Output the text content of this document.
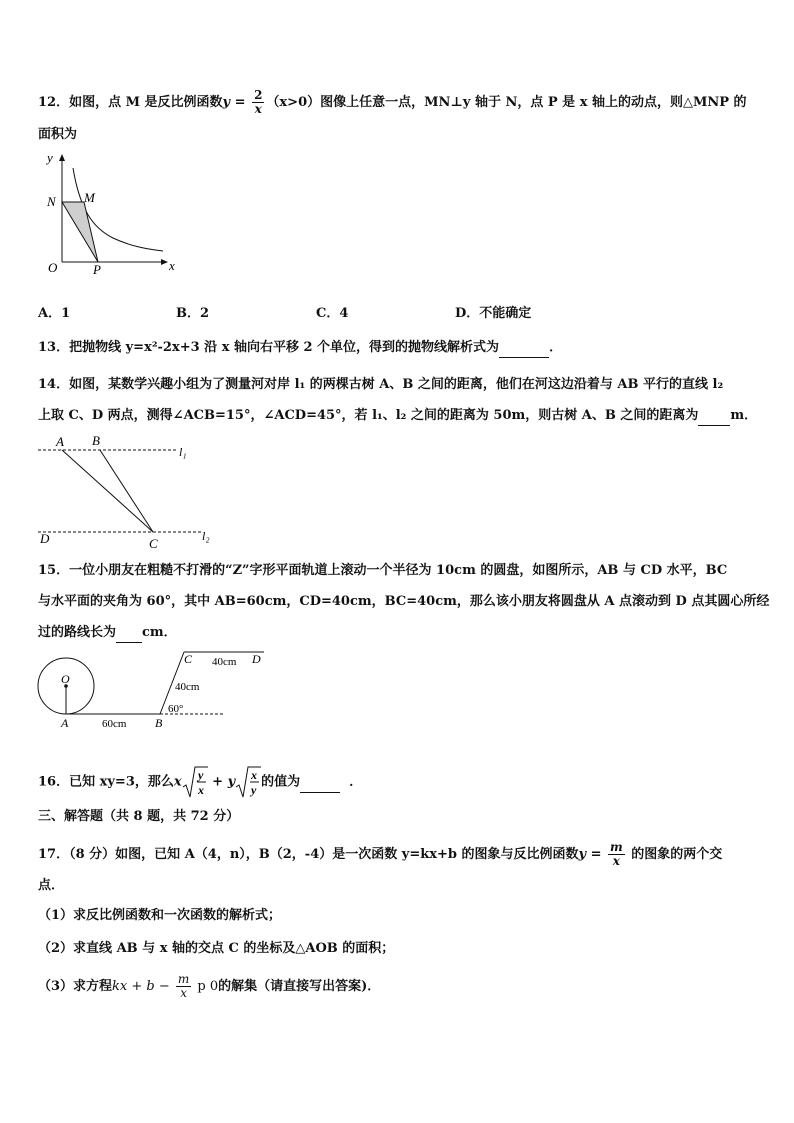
12．如图，点 M 是反比例函数$y = \frac{2}{x} (x>0)$图像上任意一点，MN⊥y 轴于 N，点 P 是 x 轴上的动点，则△MNP 的
面积为
y
x
N M
O	P
A．1	B．2	C．4	D．不能确定
13．把抛物线 y=x²-2x+3 沿 x 轴向右平移 2 个单位，得到的抛物线解析式为	．
14．如图，某数学兴趣小组为了测量河对岸 l₁ 的两棵古树 A、B 之间的距离，他们在河这边沿着与 AB 平行的直线 l₂
上取 C、D 两点，测得∠ACB=15°，∠ACD=45°，若 l₁、l₂ 之间的距离为 50m，则古树 A、B 之间的距离为 m．
A B
D	C
l₁
l₂
15．一位小朋友在粗糙不打滑的“Z”字形平面轨道上滚动一个半径为 10cm 的圆盘，如图所示，AB 与 CD 水平，BC
与水平面的夹角为 60°，其中 AB=60cm，CD=40cm，BC=40cm，那么该小朋友将圆盘从 A 点滚动到 D 点其圆心所经
过的路线长为 cm．
O
A	B
C	D
60cm
40cm
40cm
60°
16．已知 xy=3，那么x y
x
+ y x
y
的值为	．
三、解答题（共 8 题，共 72 分）
17．（8 分）如图，已知 A（4，n），B（2，-4）是一次函数 y=kx+b 的图象与反比例函数$y = \frac{m}{x}$ 的图象的两个交
点．
（1）求反比例函数和一次函数的解析式；
（2）求直线 AB 与 x 轴的交点 C 的坐标及△AOB 的面积；
（3）求方程kx + $b - \frac{m}{x}$ p 0的解集（请直接写出答案)．
